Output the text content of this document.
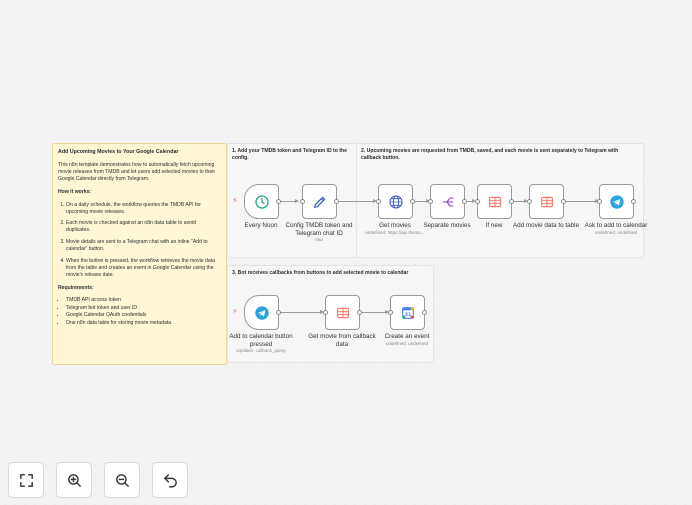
Add Upcoming Movies to Your Google Calendar

This n8n template demonstrates how to automatically fetch upcoming movie releases from TMDB and let users add selected movies to their Google Calendar directly from Telegram.

How it works:
1. On a daily schedule, the workflow queries the TMDB API for upcoming movie releases.
2. Each movie is checked against an n8n data table to avoid duplicates.
3. Movie details are sent to a Telegram chat with an inline "Add to calendar" button.
4. When the button is pressed, the workflow retrieves the movie data from the table and creates an event in Google Calendar using the movie's release date.
Requirements:
• TMDB API access token
• Telegram bot token and user ID
• Google Calendar OAuth credentials
• One n8n data table for storing movie metadata
1. Add your TMDB token and Telegram ID to the config.
2. Upcoming movies are requested from TMDB, saved, and each movie is sent separately to Telegram with callback button.
3. Bot receives callbacks from buttons to add selected movie to calendar
⚡
Every Noon	Config TMDB token and Telegram chat ID
raw
Get movies
undefined: https://api.themo...
Separate movies	If new	Add movie data to table Ask to add to calendar
undefined: undefined
⚡
Add to calendar button pressed
Updates: callback_query
Get movie from callback data
31
Create an event
undefined: undefined
